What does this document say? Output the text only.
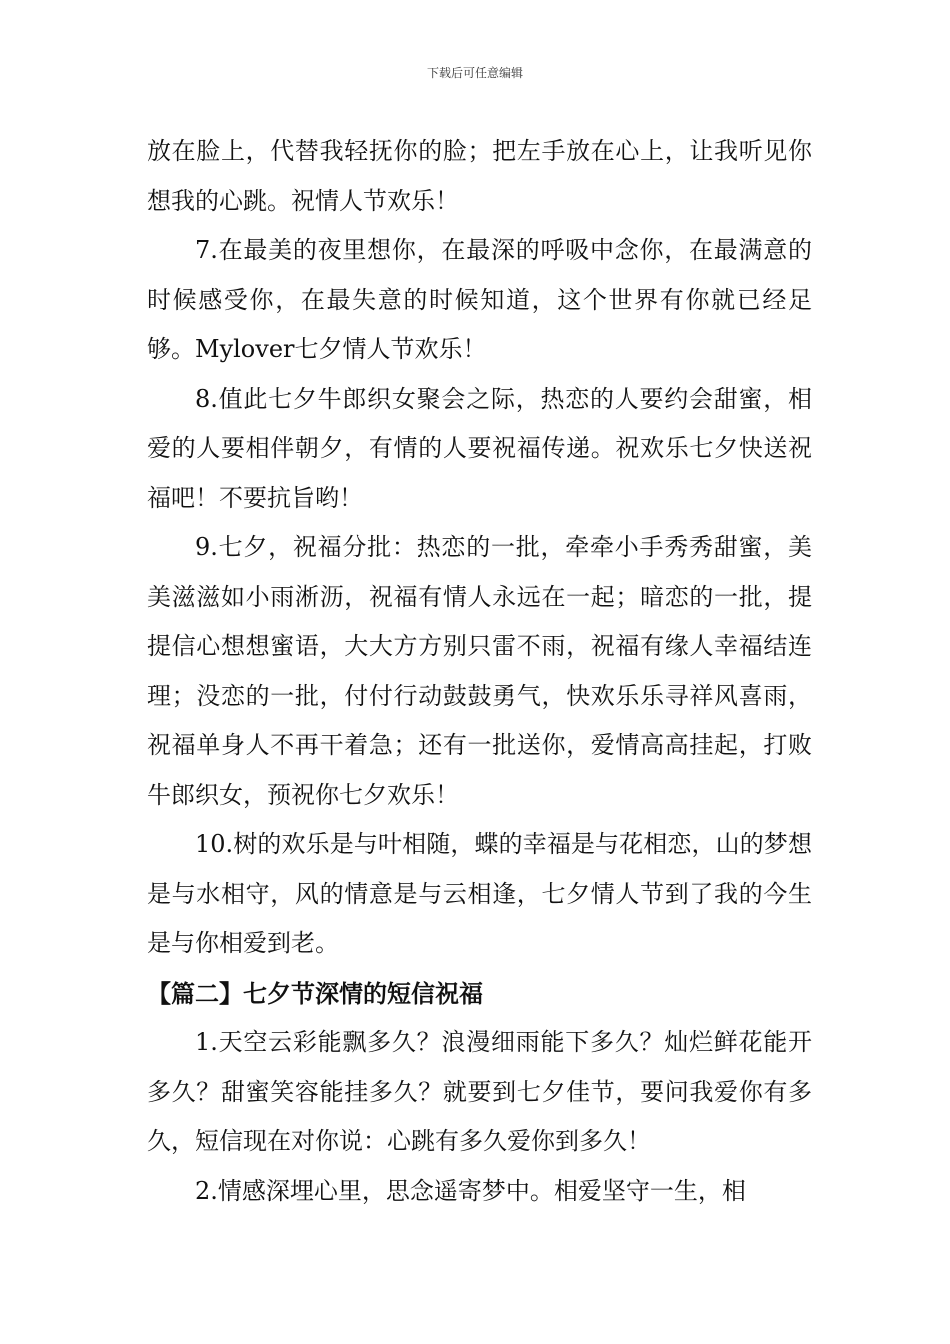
下载后可任意编辑

放在脸上，代替我轻抚你的脸；把左手放在心上，让我听见你想我的心跳。祝情人节欢乐！

7.在最美的夜里想你，在最深的呼吸中念你，在最满意的时候感受你，在最失意的时候知道，这个世界有你就已经足够。Mylover七夕情人节欢乐！

8.值此七夕牛郎织女聚会之际，热恋的人要约会甜蜜，相爱的人要相伴朝夕，有情的人要祝福传递。祝欢乐七夕快送祝福吧！不要抗旨哟！

9.七夕，祝福分批：热恋的一批，牵牵小手秀秀甜蜜，美美滋滋如小雨淅沥，祝福有情人永远在一起；暗恋的一批，提提信心想想蜜语，大大方方别只雷不雨，祝福有缘人幸福结连理；没恋的一批，付付行动鼓鼓勇气，快欢乐乐寻祥风喜雨，祝福单身人不再干着急；还有一批送你，爱情高高挂起，打败牛郎织女，预祝你七夕欢乐！

10.树的欢乐是与叶相随，蝶的幸福是与花相恋，山的梦想是与水相守，风的情意是与云相逢，七夕情人节到了我的今生是与你相爱到老。

【篇二】七夕节深情的短信祝福

1.天空云彩能飘多久？浪漫细雨能下多久？灿烂鲜花能开多久？甜蜜笑容能挂多久？就要到七夕佳节，要问我爱你有多久，短信现在对你说：心跳有多久爱你到多久！

2.情感深埋心里，思念遥寄梦中。相爱坚守一生，相
